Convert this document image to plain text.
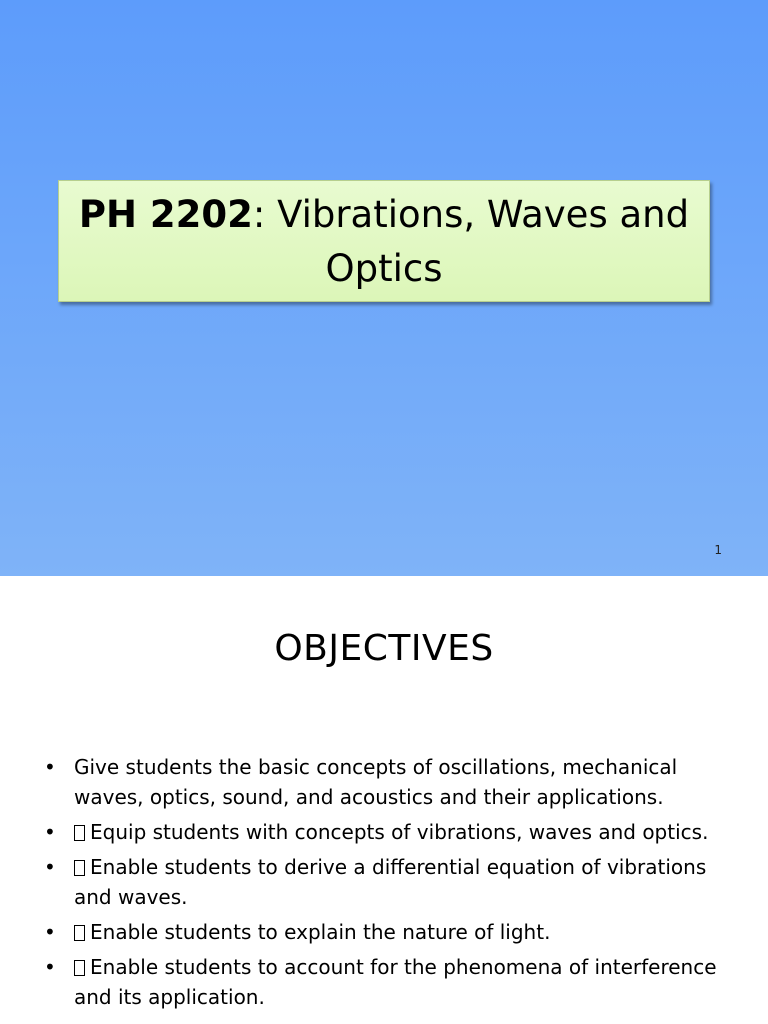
PH 2202: Vibrations, Waves and Optics
1
OBJECTIVES
• Give students the basic concepts of oscillations, mechanical waves, optics, sound, and acoustics and their applications.
• Equip students with concepts of vibrations, waves and optics.
• Enable students to derive a differential equation of vibrations and waves.
• Enable students to explain the nature of light.
• Enable students to account for the phenomena of interference and its application.
